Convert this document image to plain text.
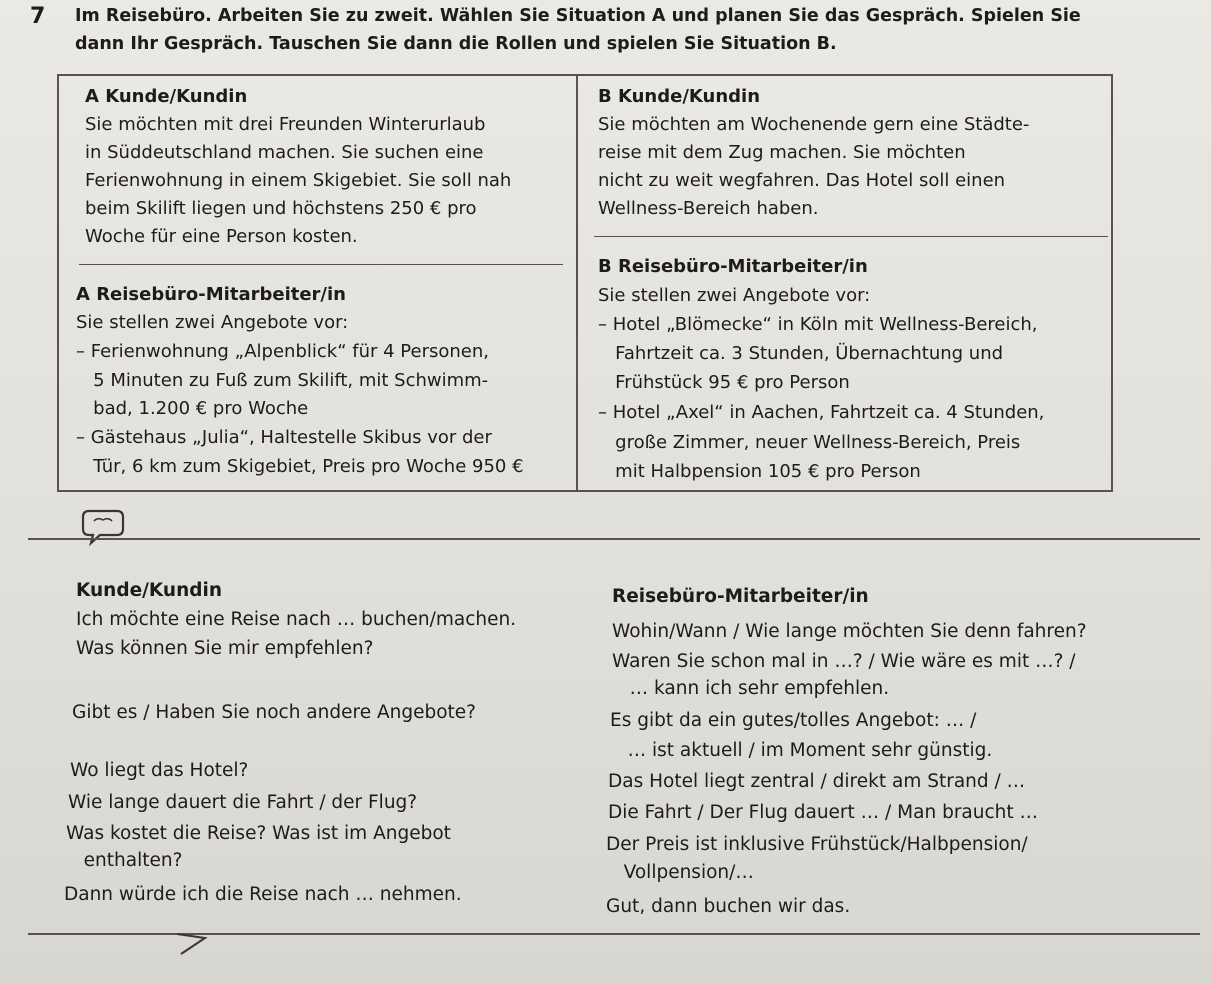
7 Im Reisebüro. Arbeiten Sie zu zweit. Wählen Sie Situation A und planen Sie das Gespräch. Spielen Sie
dann Ihr Gespräch. Tauschen Sie dann die Rollen und spielen Sie Situation B.
A Kunde/Kundin
Sie möchten mit drei Freunden Winterurlaub
in Süddeutschland machen. Sie suchen eine
Ferienwohnung in einem Skigebiet. Sie soll nah
beim Skilift liegen und höchstens 250 € pro
Woche für eine Person kosten.
A Reisebüro-Mitarbeiter/in
Sie stellen zwei Angebote vor:
– Ferienwohnung „Alpenblick“ für 4 Personen,
5 Minuten zu Fuß zum Skilift, mit Schwimm-
bad, 1.200 € pro Woche
– Gästehaus „Julia“, Haltestelle Skibus vor der
Tür, 6 km zum Skigebiet, Preis pro Woche 950 €
B Kunde/Kundin
Sie möchten am Wochenende gern eine Städte-
reise mit dem Zug machen. Sie möchten
nicht zu weit wegfahren. Das Hotel soll einen
Wellness-Bereich haben.
B Reisebüro-Mitarbeiter/in
Sie stellen zwei Angebote vor:
– Hotel „Blömecke“ in Köln mit Wellness-Bereich,
Fahrtzeit ca. 3 Stunden, Übernachtung und
Frühstück 95 € pro Person
– Hotel „Axel“ in Aachen, Fahrtzeit ca. 4 Stunden,
große Zimmer, neuer Wellness-Bereich, Preis
mit Halbpension 105 € pro Person
Kunde/Kundin
Ich möchte eine Reise nach … buchen/machen.
Was können Sie mir empfehlen?
Gibt es / Haben Sie noch andere Angebote?
Wo liegt das Hotel?
Wie lange dauert die Fahrt / der Flug?
Was kostet die Reise? Was ist im Angebot
enthalten?
Dann würde ich die Reise nach … nehmen.
Reisebüro-Mitarbeiter/in
Wohin/Wann / Wie lange möchten Sie denn fahren?
Waren Sie schon mal in …? / Wie wäre es mit …? /
… kann ich sehr empfehlen.
Es gibt da ein gutes/tolles Angebot: … /
… ist aktuell / im Moment sehr günstig.
Das Hotel liegt zentral / direkt am Strand / …
Die Fahrt / Der Flug dauert … / Man braucht …
Der Preis ist inklusive Frühstück/Halbpension/
Vollpension/…
Gut, dann buchen wir das.
